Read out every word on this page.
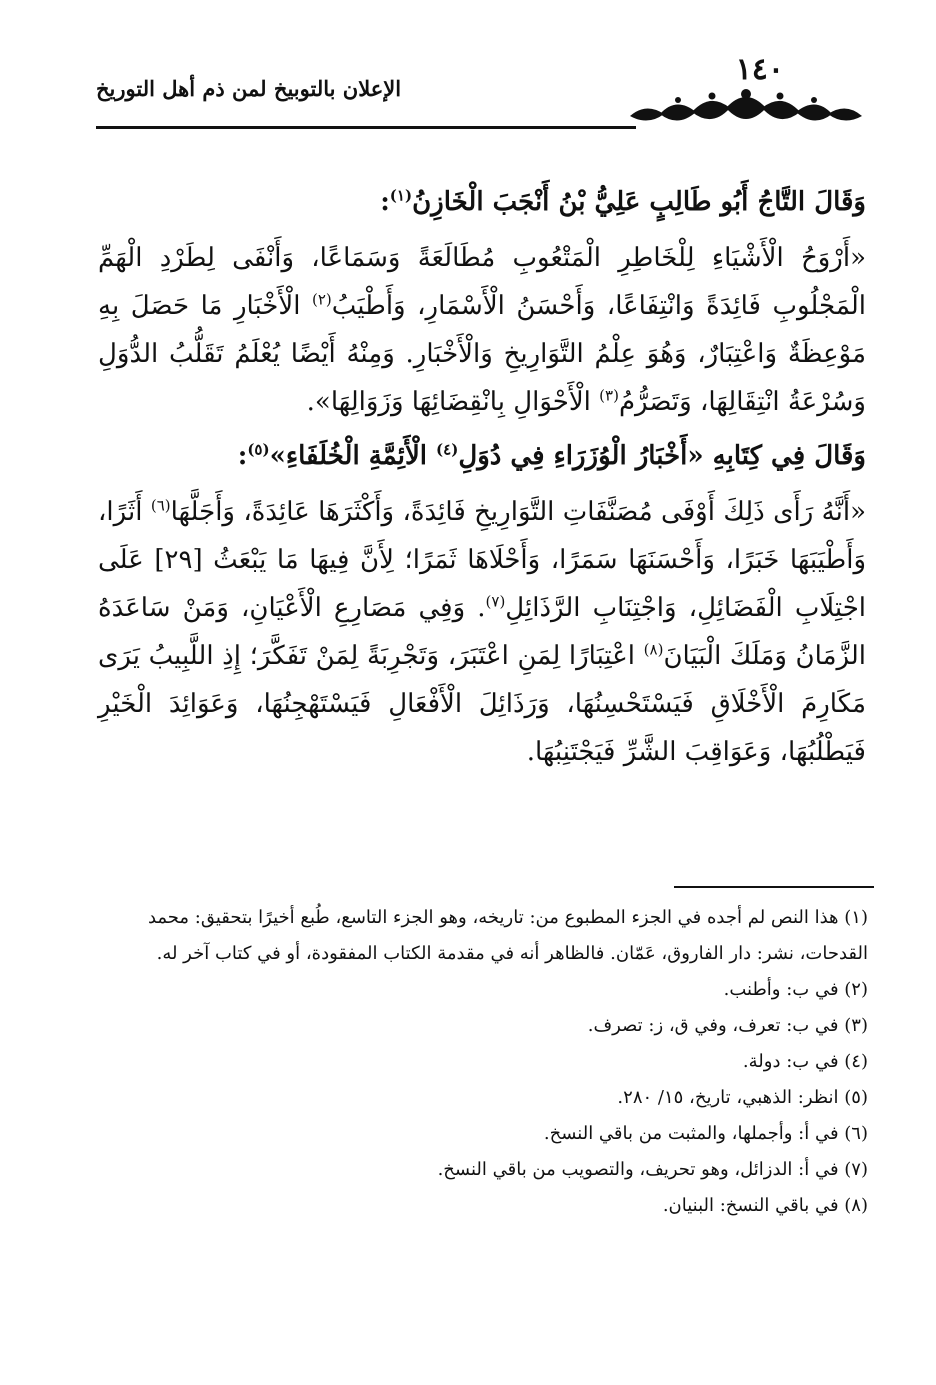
١٤٠
الإعلان بالتوبيخ لمن ذم أهل التوريخ

وَقَالَ التَّاجُ أَبُو طَالِبٍ عَلِيُّ بْنُ أَنْجَبَ الْخَازِنُ$^{(١)}$:

«أَرْوَحُ الْأَشْيَاءِ لِلْخَاطِرِ الْمَتْعُوبِ مُطَالَعَةً وَسَمَاعًا، وَأَنْفَى لِطَرْدِ الْهَمِّ الْمَجْلُوبِ فَائِدَةً وَانْتِفَاعًا، وَأَحْسَنُ الْأَسْمَارِ، وَأَطْيَبُ$^{(٢)}$ الْأَخْبَارِ مَا حَصَلَ بِهِ مَوْعِظَةٌ وَاعْتِبَارٌ، وَهُوَ عِلْمُ التَّوَارِيخِ وَالْأَخْبَارِ. وَمِنْهُ أَيْضًا يُعْلَمُ تَقَلُّبُ الدُّوَلِ وَسُرْعَةُ انْتِقَالِهَا، وَتَصَرُّمُ$^{(٣)}$ الْأَحْوَالِ بِانْقِضَائِهَا وَزَوَالِهَا».

وَقَالَ فِي كِتَابِهِ «أَخْبَارُ الْوُزَرَاءِ فِي دُوَلِ$^{(٤)}$ الْأَئِمَّةِ الْخُلَفَاءِ»$^{(٥)}$:

«أَنَّهُ رَأَى ذَلِكَ أَوْفَى مُصَنَّفَاتِ التَّوَارِيخِ فَائِدَةً، وَأَكْثَرَهَا عَائِدَةً، وَأَجَلَّهَا$^{(٦)}$ أَثَرًا، وَأَطْيَبَهَا خَبَرًا، وَأَحْسَنَهَا سَمَرًا، وَأَحْلَاهَا ثَمَرًا؛ لِأَنَّ فِيهَا مَا يَبْعَثُ [٢٩] عَلَى اجْتِلَابِ الْفَضَائِلِ، وَاجْتِنَابِ الرَّذَائِلِ$^{(٧)}$. وَفِي مَصَارِعِ الْأَعْيَانِ، وَمَنْ سَاعَدَهُ الزَّمَانُ وَمَلَكَ الْبَيَانَ$^{(٨)}$ اعْتِبَارًا لِمَنِ اعْتَبَرَ، وَتَجْرِبَةً لِمَنْ تَفَكَّرَ؛ إِذِ اللَّبِيبُ يَرَى مَكَارِمَ الْأَخْلَاقِ فَيَسْتَحْسِنُهَا، وَرَذَائِلَ الْأَفْعَالِ فَيَسْتَهْجِنُهَا، وَعَوَائِدَ الْخَيْرِ فَيَطْلُبُهَا، وَعَوَاقِبَ الشَّرِّ فَيَجْتَنِبُهَا.

(١) هذا النص لم أجده في الجزء المطبوع من: تاريخه، وهو الجزء التاسع، طُبع أخيرًا بتحقيق: محمد القدحات، نشر: دار الفاروق، عَمّان. فالظاهر أنه في مقدمة الكتاب المفقودة، أو في كتاب آخر له.

(٢) في ب: وأطنب.

(٣) في ب: تعرف، وفي ق، ز: تصرف.

(٤) في ب: دولة.

(٥) انظر: الذهبي، تاريخ، ١٥/ ٢٨٠.

(٦) في أ: وأجملها، والمثبت من باقي النسخ.

(٧) في أ: الدزائل، وهو تحريف، والتصويب من باقي النسخ.

(٨) في باقي النسخ: البنيان.
